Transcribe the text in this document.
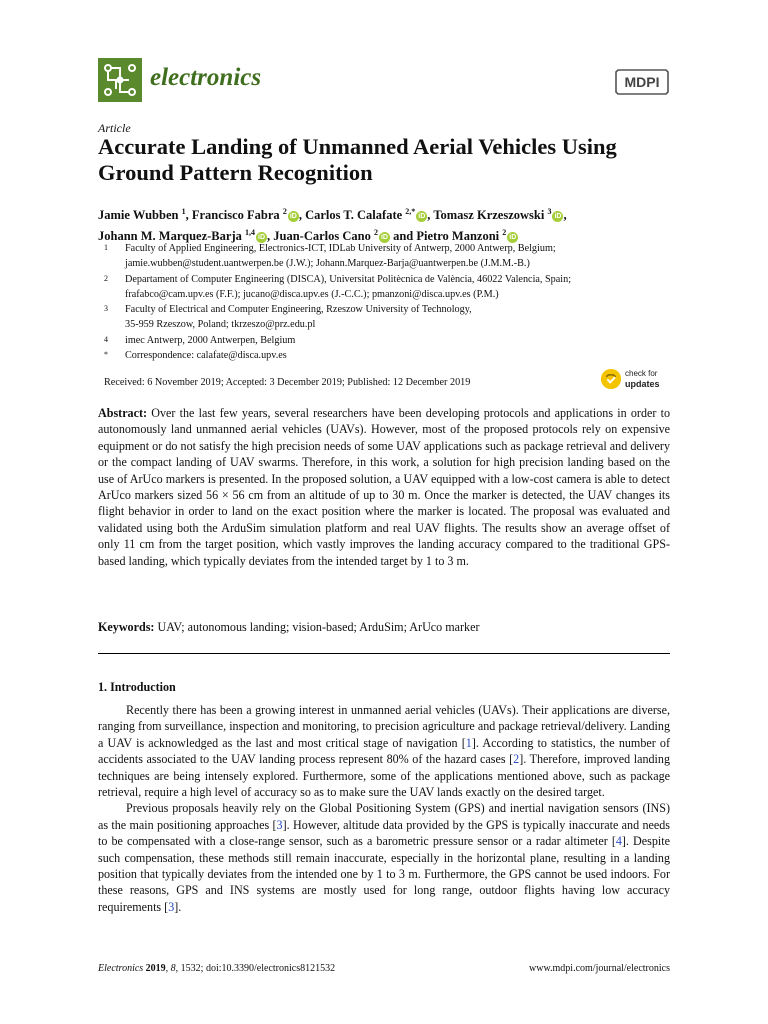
electronics	MDPI
Article
Accurate Landing of Unmanned Aerial Vehicles Using Ground Pattern Recognition
Jamie Wubben $^1$, Francisco Fabra $^2$iD , Carlos T. Calafate $^{2,*}$iD , Tomasz Krzeszowski $^3$iD ,
Johann M. Marquez-Barja $^{1,4}$iD , Juan-Carlos Cano $^2$iD and Pietro Manzoni $^2$iD
1 Faculty of Applied Engineering, Electronics-ICT, IDLab University of Antwerp, 2000 Antwerp, Belgium;
jamie.wubben@student.uantwerpen.be (J.W.); Johann.Marquez-Barja@uantwerpen.be (J.M.M.-B.)
2 Departament of Computer Engineering (DISCA), Universitat Politècnica de València, 46022 Valencia, Spain;
frafabco@cam.upv.es (F.F.); jucano@disca.upv.es (J.-C.C.); pmanzoni@disca.upv.es (P.M.)
3 Faculty of Electrical and Computer Engineering, Rzeszow University of Technology,
35-959 Rzeszow, Poland; tkrzeszo@prz.edu.pl
4 imec Antwerp, 2000 Antwerpen, Belgium
* Correspondence: calafate@disca.upv.es
Received: 6 November 2019; Accepted: 3 December 2019; Published: 12 December 2019
check for
updates
Abstract: Over the last few years, several researchers have been developing protocols and applications in order to autonomously land unmanned aerial vehicles (UAVs). However, most of the proposed protocols rely on expensive equipment or do not satisfy the high precision needs of some UAV applications such as package retrieval and delivery or the compact landing of UAV swarms. Therefore, in this work, a solution for high precision landing based on the use of ArUco markers is presented. In the proposed solution, a UAV equipped with a low-cost camera is able to detect ArUco markers sized 56 × 56 cm from an altitude of up to 30 m. Once the marker is detected, the UAV changes its flight behavior in order to land on the exact position where the marker is located. The proposal was evaluated and validated using both the ArduSim simulation platform and real UAV flights. The results show an average offset of only 11 cm from the target position, which vastly improves the landing accuracy compared to the traditional GPS-based landing, which typically deviates from the intended target by 1 to 3 m.
Keywords: UAV; autonomous landing; vision-based; ArduSim; ArUco marker
1. Introduction
Recently there has been a growing interest in unmanned aerial vehicles (UAVs). Their applications are diverse, ranging from surveillance, inspection and monitoring, to precision agriculture and package retrieval/delivery. Landing a UAV is acknowledged as the last and most critical stage of navigation [1]. According to statistics, the number of accidents associated to the UAV landing process represent 80% of the hazard cases [2]. Therefore, improved landing techniques are being intensely explored. Furthermore, some of the applications mentioned above, such as package retrieval, require a high level of accuracy so as to make sure the UAV lands exactly on the desired target.
Previous proposals heavily rely on the Global Positioning System (GPS) and inertial navigation sensors (INS) as the main positioning approaches [3]. However, altitude data provided by the GPS is typically inaccurate and needs to be compensated with a close-range sensor, such as a barometric pressure sensor or a radar altimeter [4]. Despite such compensation, these methods still remain inaccurate, especially in the horizontal plane, resulting in a landing position that typically deviates from the intended one by 1 to 3 m. Furthermore, the GPS cannot be used indoors. For these reasons, GPS and INS systems are mostly used for long range, outdoor flights having low accuracy requirements [3].
Electronics 2019, 8, 1532; doi:10.3390/electronics8121532	www.mdpi.com/journal/electronics
